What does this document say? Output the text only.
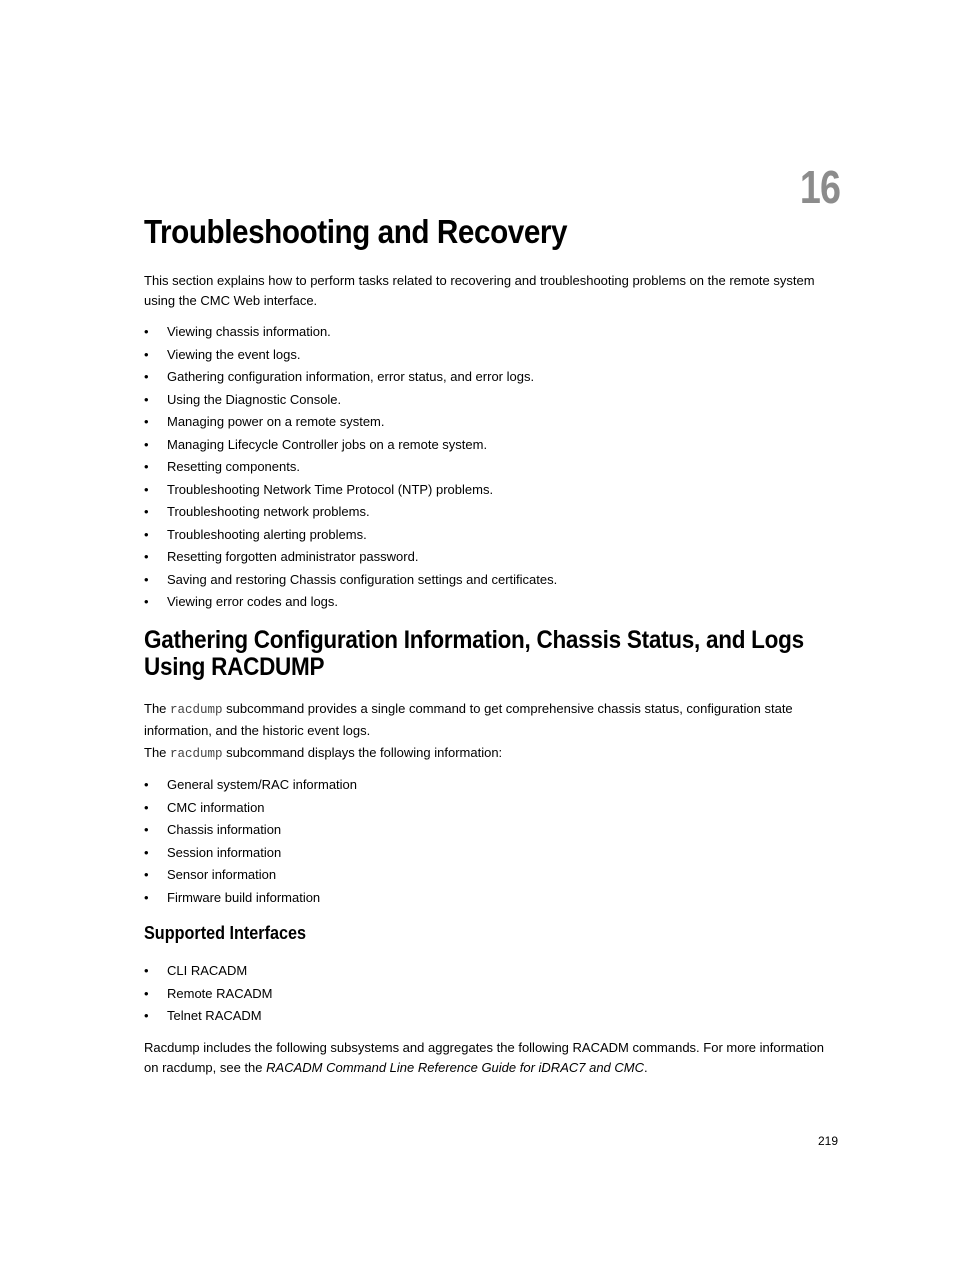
16
Troubleshooting and Recovery

This section explains how to perform tasks related to recovering and troubleshooting problems on the remote system using the CMC Web interface.

• Viewing chassis information.
• Viewing the event logs.
• Gathering configuration information, error status, and error logs.
• Using the Diagnostic Console.
• Managing power on a remote system.
• Managing Lifecycle Controller jobs on a remote system.
• Resetting components.
• Troubleshooting Network Time Protocol (NTP) problems.
• Troubleshooting network problems.
• Troubleshooting alerting problems.
• Resetting forgotten administrator password.
• Saving and restoring Chassis configuration settings and certificates.
• Viewing error codes and logs.
Gathering Configuration Information, Chassis Status, and Logs
Using RACDUMP

The racdump subcommand provides a single command to get comprehensive chassis status, configuration state
information, and the historic event logs.

The racdump subcommand displays the following information:

• General system/RAC information
• CMC information
• Chassis information
• Session information
• Sensor information
• Firmware build information
Supported Interfaces
• CLI RACADM
• Remote RACADM
• Telnet RACADM

Racdump includes the following subsystems and aggregates the following RACADM commands. For more information
on racdump, see the RACADM Command Line Reference Guide for iDRAC7 and CMC.

219
